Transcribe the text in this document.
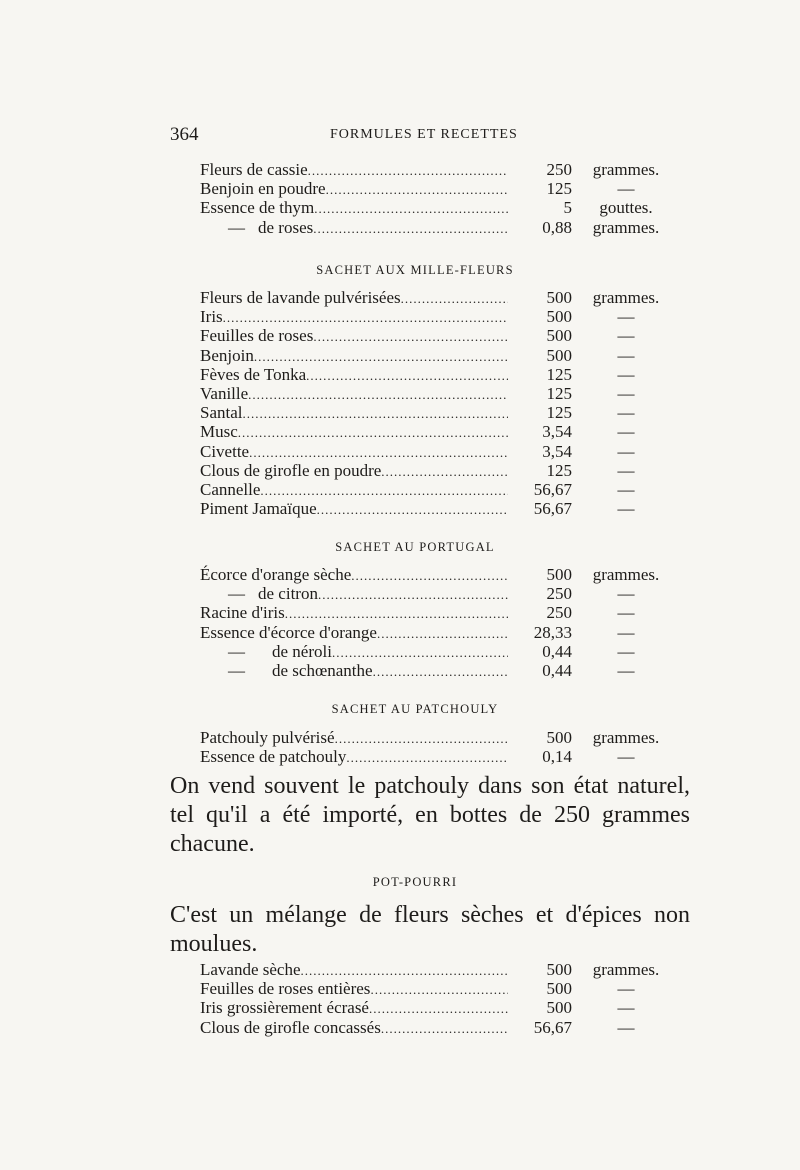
364	FORMULES ET RECETTES
Fleurs de cassie .....	250	grammes.
Benjoin en poudre .....	125	—
Essence de thym .....	5	gouttes.
— de roses .....	0,88	grammes.
SACHET AUX MILLE-FLEURS
Fleurs de lavande pulvérisées .....	500	grammes.
Iris .....	500	—
Feuilles de roses .....	500	—
Benjoin .....	500	—
Fèves de Tonka .....	125	—
Vanille .....	125	—
Santal .....	125	—
Musc .....	3,54	—
Civette .....	3,54	—
Clous de girofle en poudre .....	125	—
Cannelle .....	56,67	—
Piment Jamaïque .....	56,67	—
SACHET AU PORTUGAL
Écorce d'orange sèche .....	500	grammes.
— de citron .....	250	—
Racine d'iris .....	250	—
Essence d'écorce d'orange .....	28,33	—
— de néroli .....	0,44	—
— de schœnanthe .....	0,44	—
SACHET AU PATCHOULY
Patchouly pulvérisé .....	500	grammes.
Essence de patchouly .....	0,14	—
On vend souvent le patchouly dans son état naturel, tel qu'il a été importé, en bottes de 250 grammes chacune.
POT-POURRI
C'est un mélange de fleurs sèches et d'épices non moulues.
Lavande sèche .....	500	grammes.
Feuilles de roses entières .....	500	—
Iris grossièrement écrasé .....	500	—
Clous de girofle concassés .....	56,67	—
